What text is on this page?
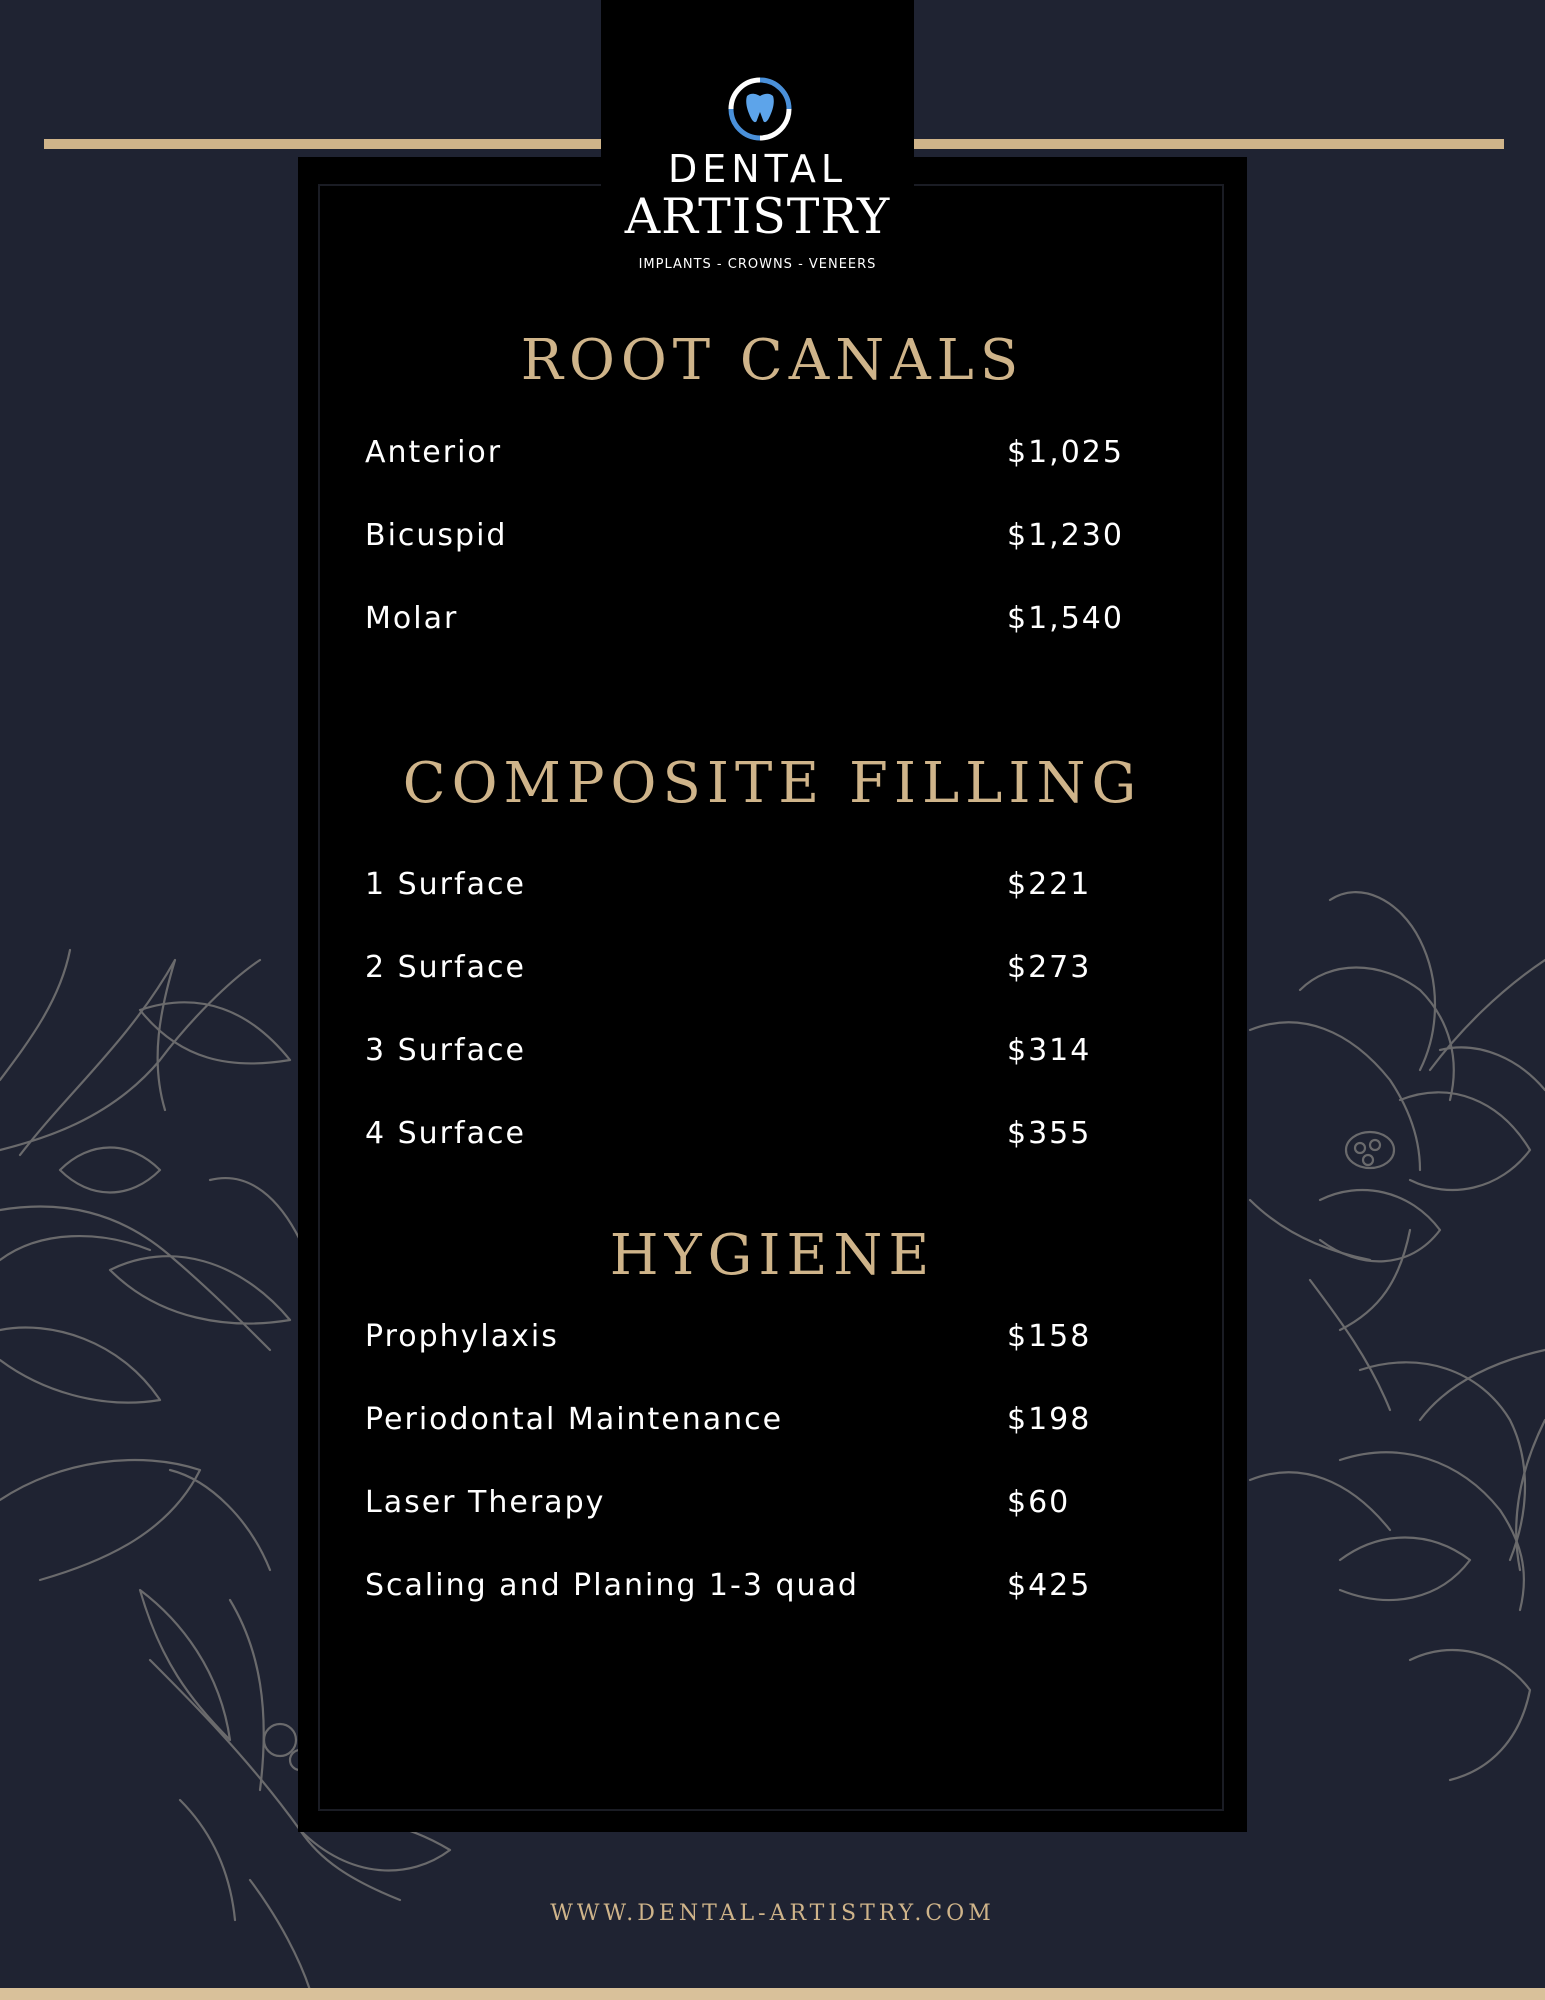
DENTAL
ARTISTRY
IMPLANTS - CROWNS - VENEERS
ROOT CANALS
Anterior	$1,025
Bicuspid	$1,230
Molar	$1,540
COMPOSITE FILLING
1 Surface	$221
2 Surface	$273
3 Surface	$314
4 Surface	$355
HYGIENE
Prophylaxis	$158
Periodontal Maintenance	$198
Laser Therapy	$60
Scaling and Planing 1-3 quad	$425
WWW.DENTAL-ARTISTRY.COM
